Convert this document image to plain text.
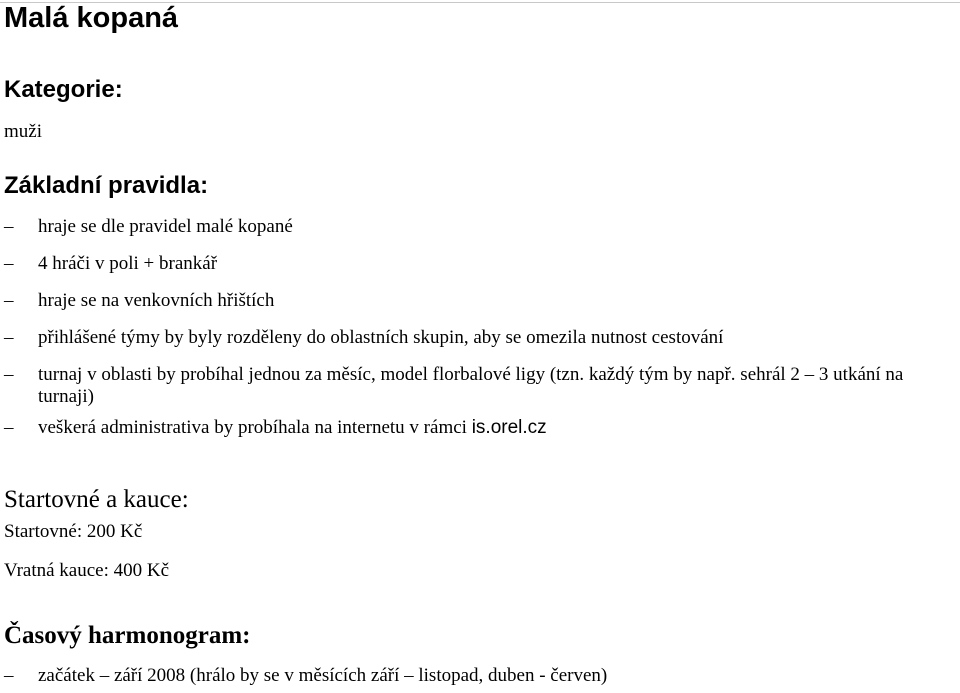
Malá kopaná
Kategorie:

muži

Základní pravidla:
– hraje se dle pravidel malé kopané
– 4 hráči v poli + brankář
– hraje se na venkovních hřištích
– přihlášené týmy by byly rozděleny do oblastních skupin, aby se omezila nutnost cestování
– turnaj v oblasti by probíhal jednou za měsíc, model florbalové ligy (tzn. každý tým by např. sehrál 2 – 3 utkání na turnaji)
– veškerá administrativa by probíhala na internetu v rámci is.orel.cz
Startovné a kauce:

Startovné: 200 Kč

Vratná kauce: 400 Kč

Časový harmonogram:
– začátek – září 2008 (hrálo by se v měsících září – listopad, duben - červen)
